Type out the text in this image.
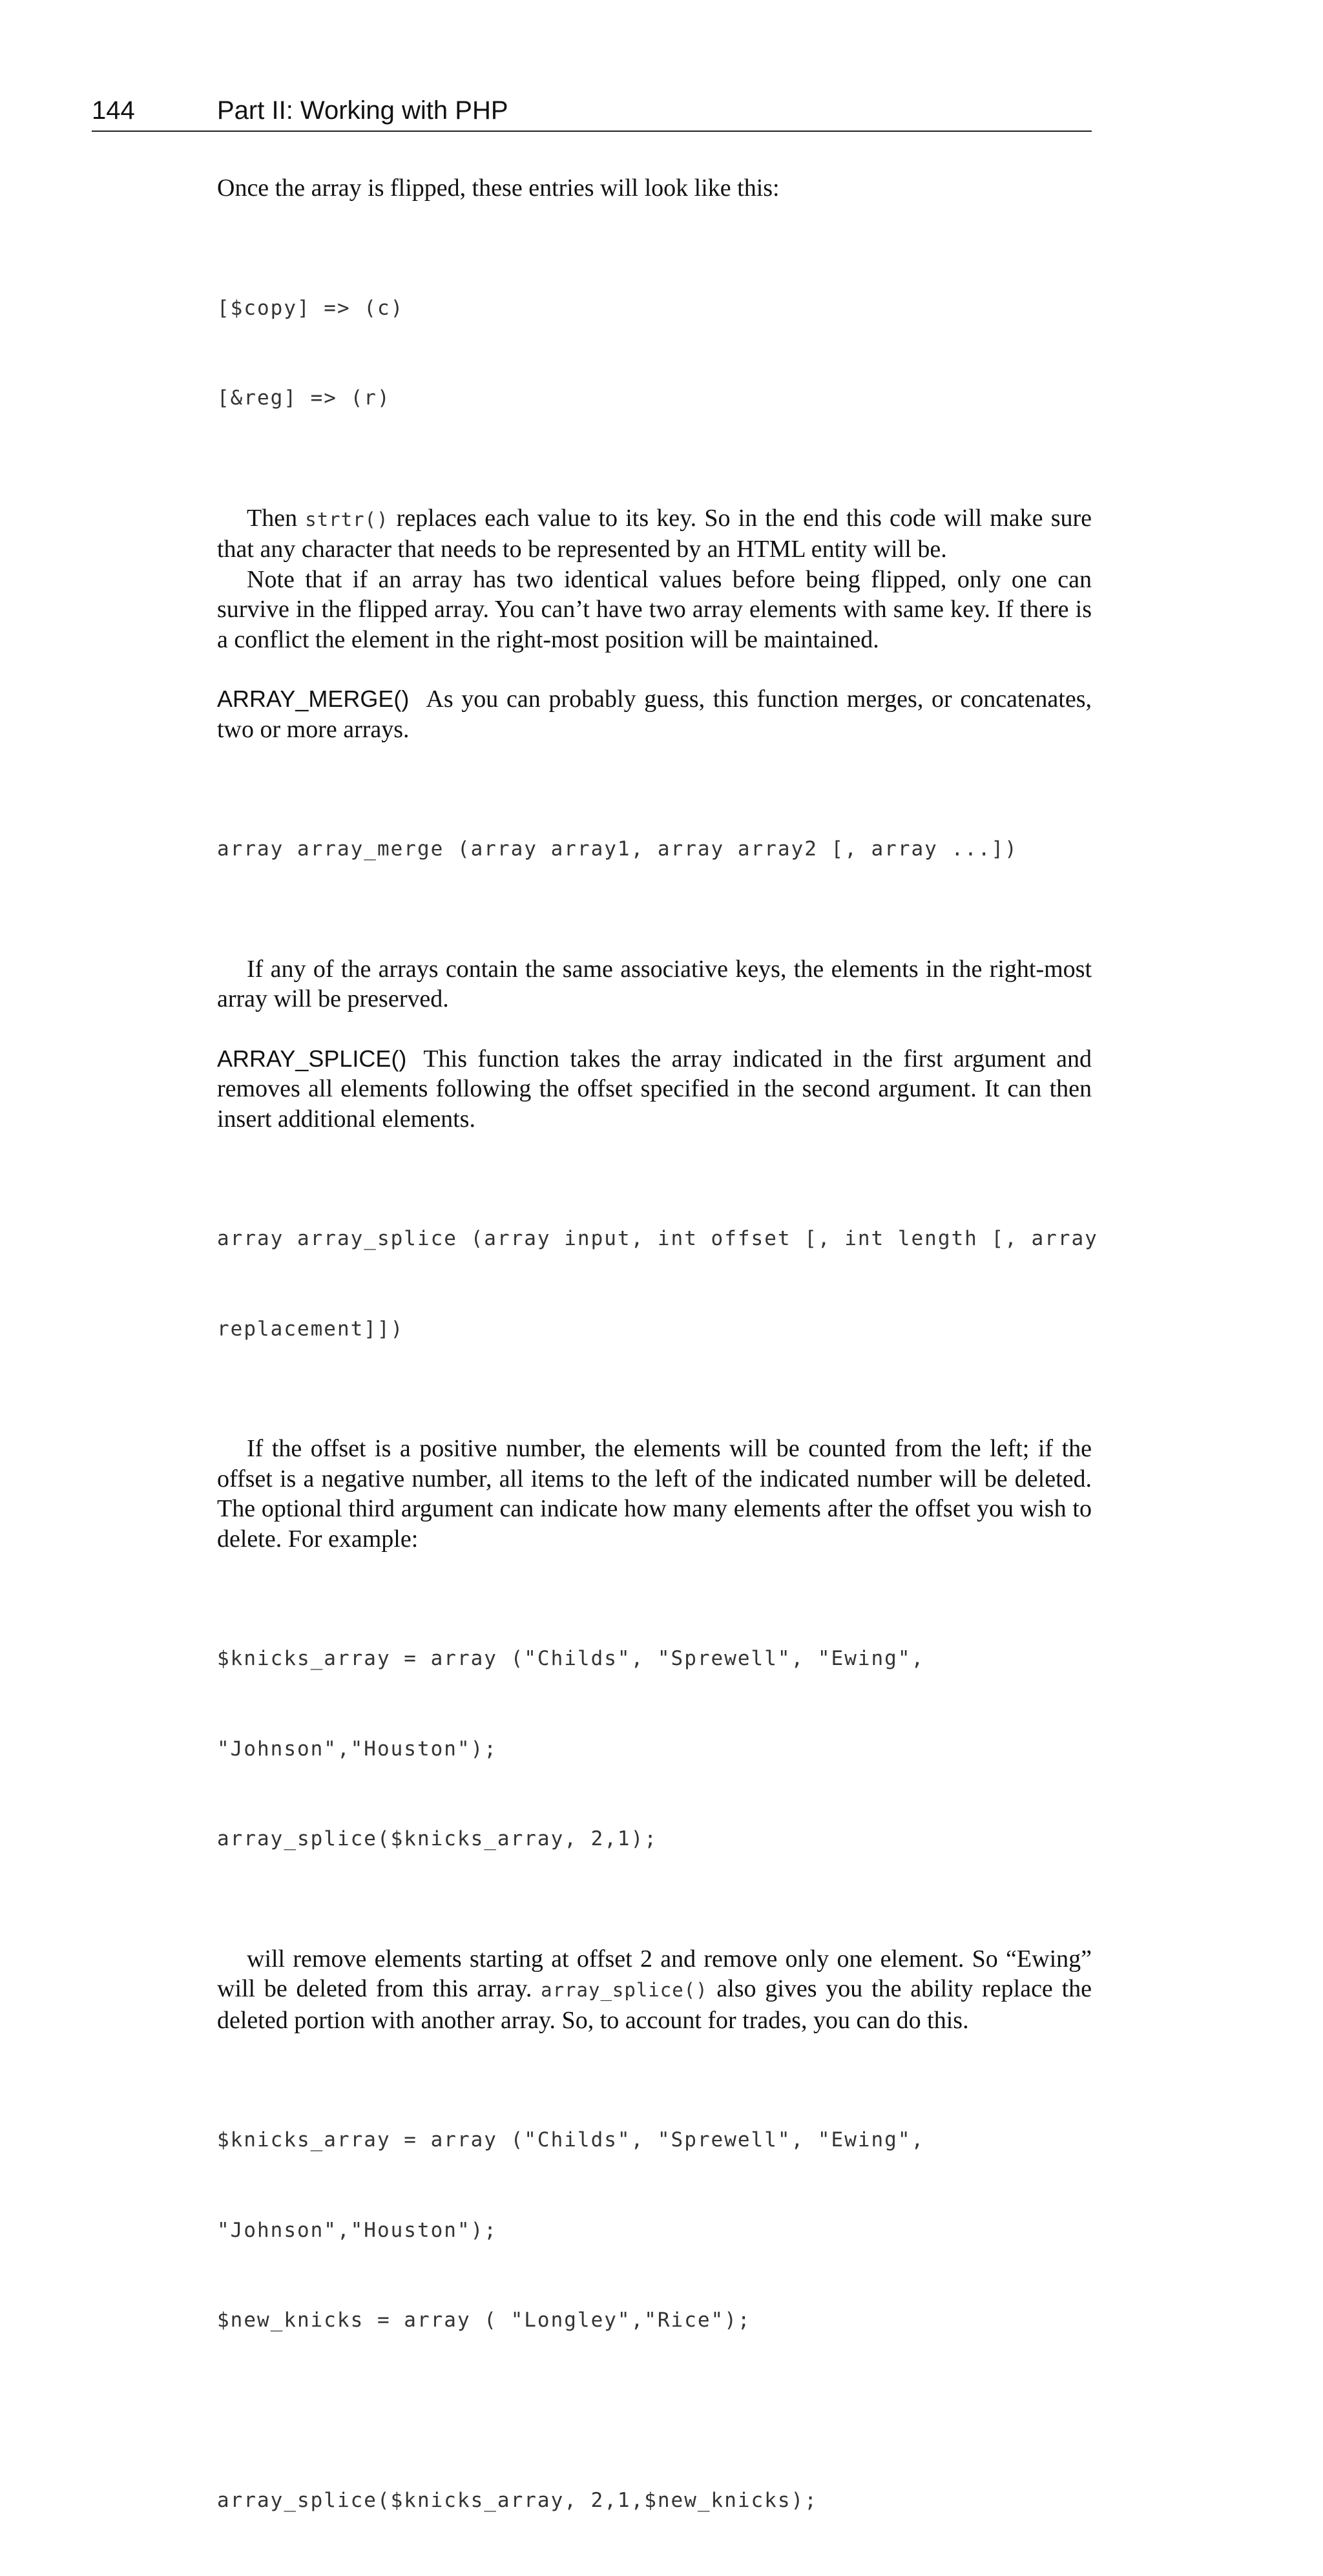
144	Part II: Working with PHP

Once the array is flipped, these entries will look like this:

[$copy] => (c)

[&reg] => (r)

Then strtr() replaces each value to its key. So in the end this code will make sure that any character that needs to be represented by an HTML entity will be.

Note that if an array has two identical values before being flipped, only one can survive in the flipped array. You can’t have two array elements with same key. If there is a conflict the element in the right-most position will be maintained.

ARRAY_MERGE() As you can probably guess, this function merges, or concatenates, two or more arrays.

array array_merge (array array1, array array2 [, array ...])

If any of the arrays contain the same associative keys, the elements in the right-most array will be preserved.

ARRAY_SPLICE() This function takes the array indicated in the first argument and removes all elements following the offset specified in the second argument. It can then insert additional elements.

array array_splice (array input, int offset [, int length [, array

replacement]])

If the offset is a positive number, the elements will be counted from the left; if the offset is a negative number, all items to the left of the indicated number will be deleted. The optional third argument can indicate how many elements after the offset you wish to delete. For example:

$knicks_array = array ("Childs", "Sprewell", "Ewing",

"Johnson","Houston");

array_splice($knicks_array, 2,1);

will remove elements starting at offset 2 and remove only one element. So “Ewing” will be deleted from this array. array_splice() also gives you the ability replace the deleted portion with another array. So, to account for trades, you can do this.

$knicks_array = array ("Childs", "Sprewell", "Ewing",

"Johnson","Houston");

$new_knicks = array ( "Longley","Rice");

array_splice($knicks_array, 2,1,$new_knicks);
